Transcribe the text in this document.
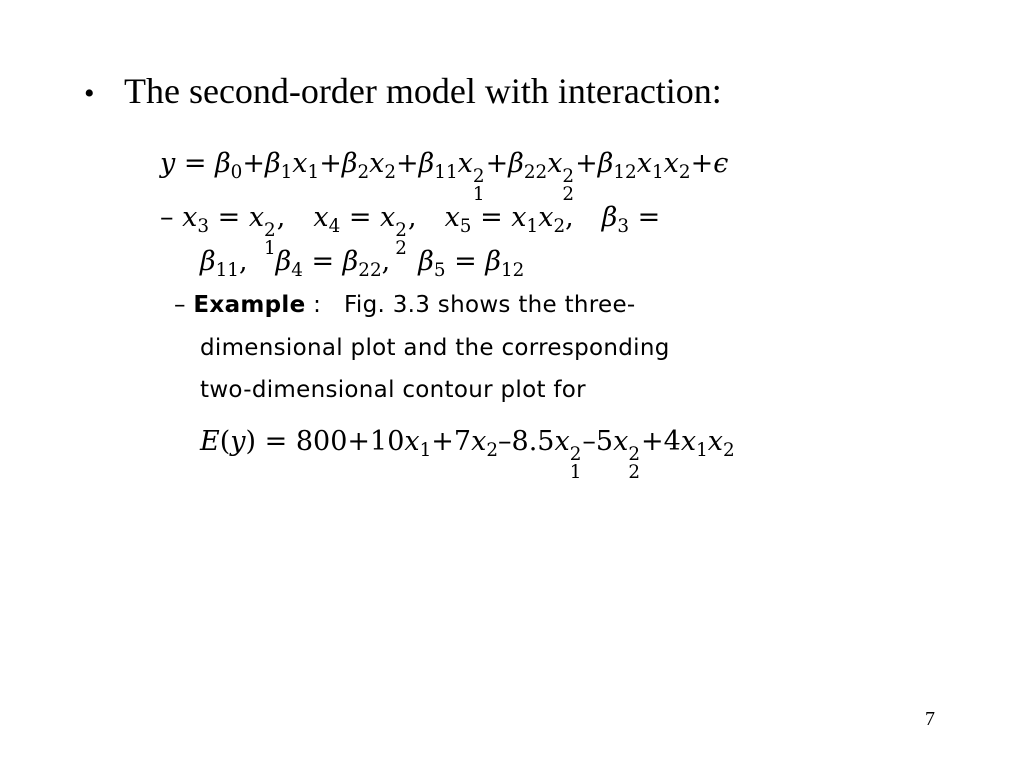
• The second-order model with interaction:
$y = \beta_0+\beta_1x_1+\beta_2x_2+\beta_{11}x$ 2
1
$+\beta_{22}x$ 2
2
$+\beta_{12}x_1x_2+\epsilon$
– $x_3 = x$ 2
1
, $x_4 = x$ 2
2
, $x_5 = x_1x_2$, $\beta_3$ =
$\beta_{11}$, $\beta_4 = \beta_{22}$, $\beta_5 = \beta_{12}$
– Example :   Fig. 3.3 shows the three-
dimensional plot and the corresponding
two-dimensional contour plot for
$E(y) = 800+10x_1+7x_2-8.5x$ 2
1
–5x 2
2
$+4x_1x_2$
7
